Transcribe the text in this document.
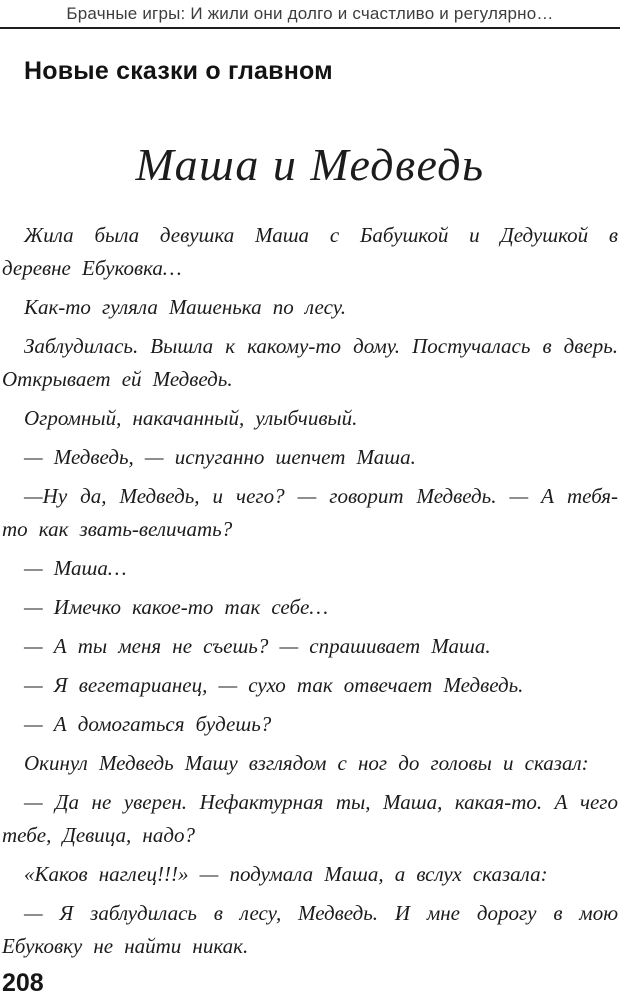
Брачные игры: И жили они долго и счастливо и регулярно…
Новые сказки о главном
Маша и Медведь

Жила была девушка Маша с Бабушкой и Дедушкой в деревне Ебуковка…

Как-то гуляла Машенька по лесу.

Заблудилась. Вышла к какому-то дому. Постучалась в дверь. Открывает ей Медведь.

Огромный, накачанный, улыбчивый.

— Медведь, — испуганно шепчет Маша.

—Ну да, Медведь, и чего? — говорит Медведь. — А тебя-то как звать-величать?

— Маша…

— Имечко какое-то так себе…

— А ты меня не съешь? — спрашивает Маша.

— Я вегетарианец, — сухо так отвечает Медведь.

— А домогаться будешь?

Окинул Медведь Машу взглядом с ног до головы и сказал:

— Да не уверен. Нефактурная ты, Маша, какая-то. А чего тебе, Девица, надо?

«Каков наглец!!!» — подумала Маша, а вслух сказала:

— Я заблудилась в лесу, Медведь. И мне дорогу в мою Ебуковку не найти никак.

208
